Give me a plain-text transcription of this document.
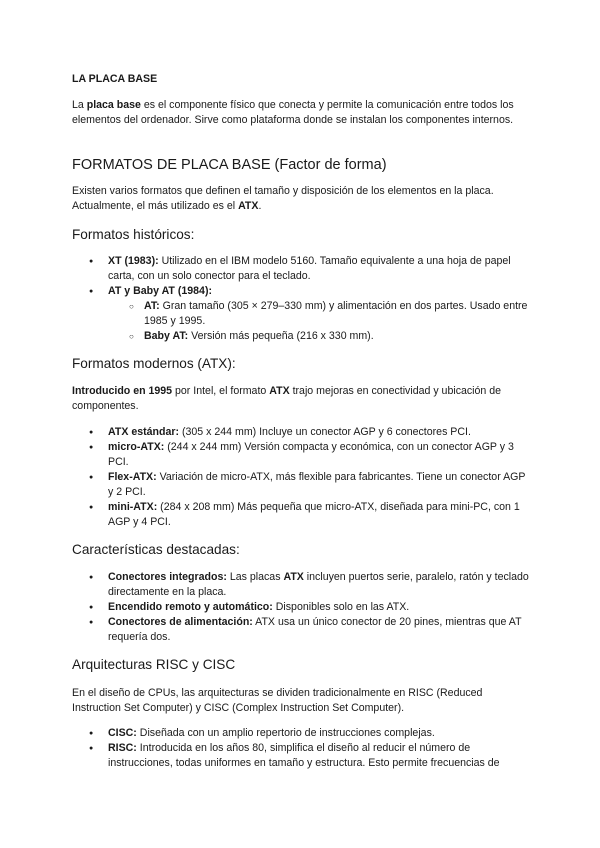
LA PLACA BASE

La placa base es el componente físico que conecta y permite la comunicación entre todos los elementos del ordenador. Sirve como plataforma donde se instalan los componentes internos.

FORMATOS DE PLACA BASE (Factor de forma)

Existen varios formatos que definen el tamaño y disposición de los elementos en la placa. Actualmente, el más utilizado es el ATX.

Formatos históricos:
● XT (1983): Utilizado en el IBM modelo 5160. Tamaño equivalente a una hoja de papel carta, con un solo conector para el teclado.
● AT y Baby AT (1984):
○ AT: Gran tamaño (305 × 279–330 mm) y alimentación en dos partes. Usado entre 1985 y 1995.
○ Baby AT: Versión más pequeña (216 x 330 mm).
Formatos modernos (ATX):

Introducido en 1995 por Intel, el formato ATX trajo mejoras en conectividad y ubicación de componentes.

● ATX estándar: (305 x 244 mm) Incluye un conector AGP y 6 conectores PCI.
● micro-ATX: (244 x 244 mm) Versión compacta y económica, con un conector AGP y 3 PCI.
● Flex-ATX: Variación de micro-ATX, más flexible para fabricantes. Tiene un conector AGP y 2 PCI.
● mini-ATX: (284 x 208 mm) Más pequeña que micro-ATX, diseñada para mini-PC, con 1 AGP y 4 PCI.
Características destacadas:
● Conectores integrados: Las placas ATX incluyen puertos serie, paralelo, ratón y teclado directamente en la placa.
● Encendido remoto y automático: Disponibles solo en las ATX.
● Conectores de alimentación: ATX usa un único conector de 20 pines, mientras que AT requería dos.
Arquitecturas RISC y CISC

En el diseño de CPUs, las arquitecturas se dividen tradicionalmente en RISC (Reduced Instruction Set Computer) y CISC (Complex Instruction Set Computer).

● CISC: Diseñada con un amplio repertorio de instrucciones complejas.
● RISC: Introducida en los años 80, simplifica el diseño al reducir el número de instrucciones, todas uniformes en tamaño y estructura. Esto permite frecuencias de
